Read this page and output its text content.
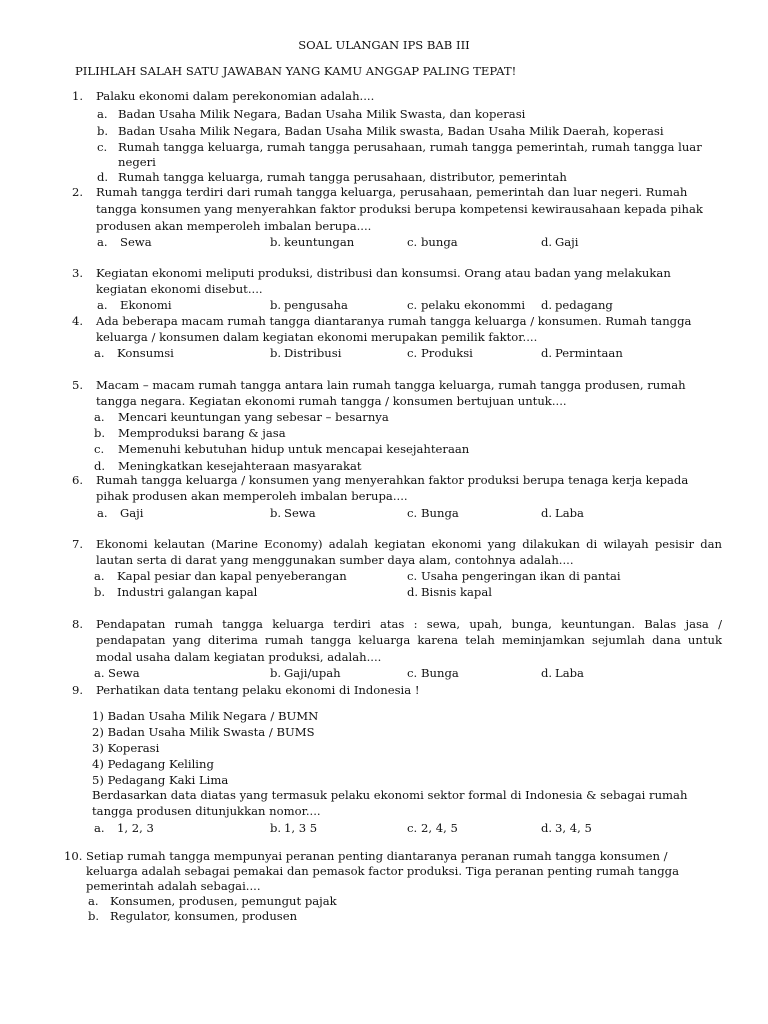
SOAL ULANGAN IPS BAB III
PILIHLAH SALAH SATU JAWABAN YANG KAMU ANGGAP PALING TEPAT!
1. Palaku ekonomi dalam perekonomian adalah....
a. Badan Usaha Milik Negara, Badan Usaha Milik Swasta, dan koperasi
b. Badan Usaha Milik Negara, Badan Usaha Milik swasta, Badan Usaha Milik Daerah, koperasi
c. Rumah tangga keluarga, rumah tangga perusahaan, rumah tangga pemerintah, rumah tangga luar
negeri
d. Rumah tangga keluarga, rumah tangga perusahaan, distributor, pemerintah
2. Rumah tangga terdiri dari rumah tangga keluarga, perusahaan, pemerintah dan luar negeri. Rumah
tangga konsumen yang menyerahkan faktor produksi berupa kompetensi kewirausahaan kepada pihak
produsen akan memperoleh imbalan berupa....
a. Sewa	b. keuntungan	c. bunga	d. Gaji
3. Kegiatan ekonomi meliputi produksi, distribusi dan konsumsi. Orang atau badan yang melakukan
kegiatan ekonomi disebut....
a. Ekonomi	b. pengusaha	c. pelaku ekonommi d. pedagang
4. Ada beberapa macam rumah tangga diantaranya rumah tangga keluarga / konsumen. Rumah tangga
keluarga / konsumen dalam kegiatan ekonomi merupakan pemilik faktor....
a. Konsumsi	b. Distribusi	c. Produksi	d. Permintaan
5. Macam – macam rumah tangga antara lain rumah tangga keluarga, rumah tangga produsen, rumah
tangga negara. Kegiatan ekonomi rumah tangga / konsumen bertujuan untuk....
a. Mencari keuntungan yang sebesar – besarnya
b. Memproduksi barang & jasa
c. Memenuhi kebutuhan hidup untuk mencapai kesejahteraan
d. Meningkatkan kesejahteraan masyarakat
6. Rumah tangga keluarga / konsumen yang menyerahkan faktor produksi berupa tenaga kerja kepada
pihak produsen akan memperoleh imbalan berupa....
a. Gaji	b. Sewa	c. Bunga	d. Laba
7. Ekonomi kelautan (Marine Economy) adalah kegiatan ekonomi yang dilakukan di wilayah pesisir dan
lautan serta di darat yang menggunakan sumber daya alam, contohnya adalah....
a. Kapal pesiar dan kapal penyeberangan
b. Industri galangan kapal
c. Usaha pengeringan ikan di pantai
d. Bisnis kapal
8. Pendapatan rumah tangga keluarga terdiri atas : sewa, upah, bunga, keuntungan. Balas jasa /
pendapatan yang diterima rumah tangga keluarga karena telah meminjamkan sejumlah dana untuk
modal usaha dalam kegiatan produksi, adalah....
a. Sewa	b. Gaji/upah	c. Bunga	d. Laba
9. Perhatikan data tentang pelaku ekonomi di Indonesia !
1) Badan Usaha Milik Negara / BUMN
2) Badan Usaha Milik Swasta / BUMS
3) Koperasi
4) Pedagang Keliling
5) Pedagang Kaki Lima
Berdasarkan data diatas yang termasuk pelaku ekonomi sektor formal di Indonesia & sebagai rumah
tangga produsen ditunjukkan nomor....
a. 1, 2, 3	b. 1, 3 5	c. 2, 4, 5	d. 3, 4, 5
10. Setiap rumah tangga mempunyai peranan penting diantaranya peranan rumah tangga konsumen /
keluarga adalah sebagai pemakai dan pemasok factor produksi. Tiga peranan penting rumah tangga
pemerintah adalah sebagai....
a. Konsumen, produsen, pemungut pajak
b. Regulator, konsumen, produsen
